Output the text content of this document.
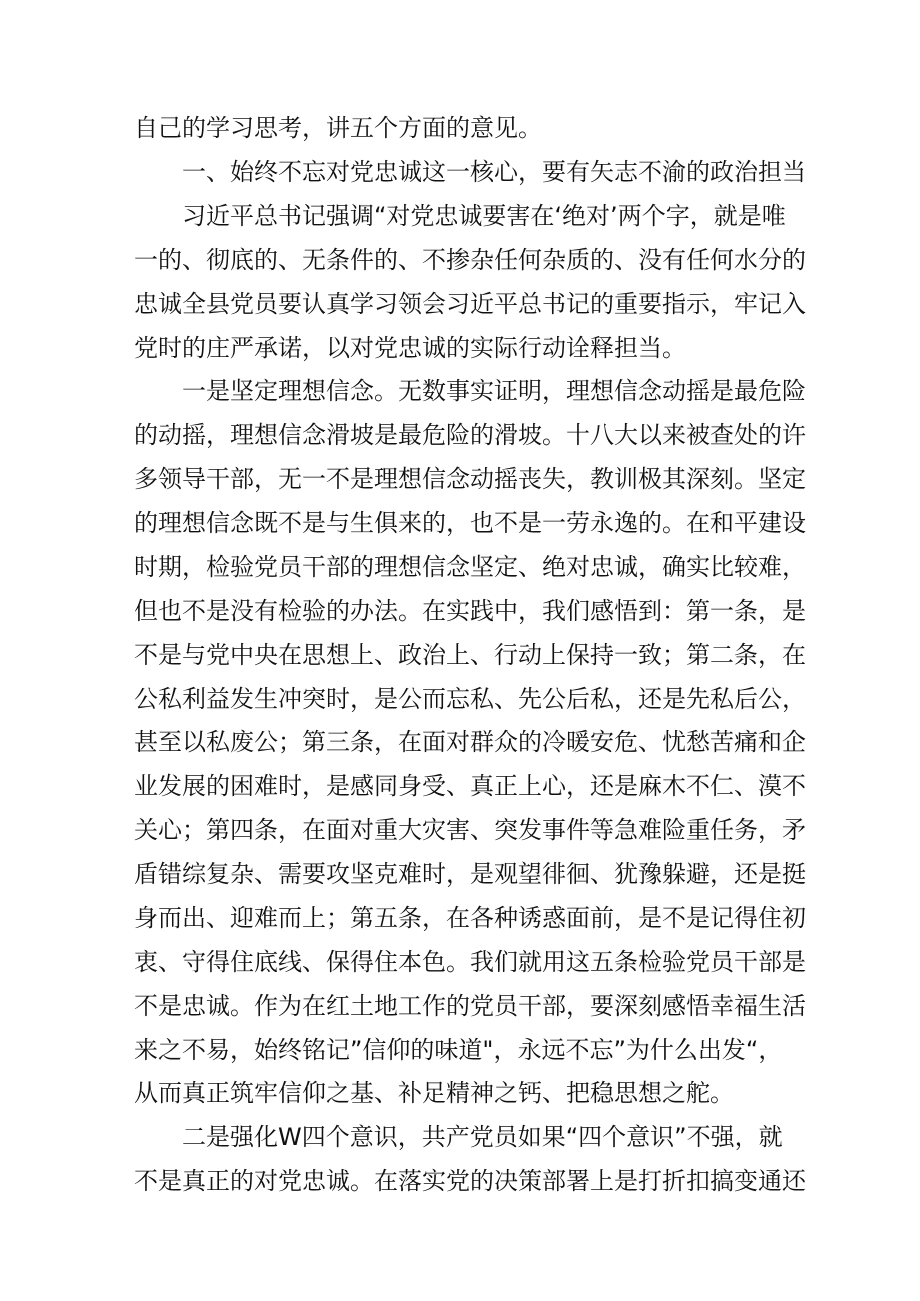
自己的学习思考，讲五个方面的意见。
一、始终不忘对党忠诚这一核心，要有矢志不渝的政治担当
习近平总书记强调“对党忠诚要害在‘绝对’两个字，就是唯
一的、彻底的、无条件的、不掺杂任何杂质的、没有任何水分的
忠诚全县党员要认真学习领会习近平总书记的重要指示，牢记入
党时的庄严承诺，以对党忠诚的实际行动诠释担当。
一是坚定理想信念。无数事实证明，理想信念动摇是最危险
的动摇，理想信念滑坡是最危险的滑坡。十八大以来被查处的许
多领导干部，无一不是理想信念动摇丧失，教训极其深刻。坚定
的理想信念既不是与生俱来的，也不是一劳永逸的。在和平建设
时期，检验党员干部的理想信念坚定、绝对忠诚，确实比较难，
但也不是没有检验的办法。在实践中，我们感悟到：第一条，是
不是与党中央在思想上、政治上、行动上保持一致；第二条，在
公私利益发生冲突时，是公而忘私、先公后私，还是先私后公，
甚至以私废公；第三条，在面对群众的冷暖安危、忧愁苦痛和企
业发展的困难时，是感同身受、真正上心，还是麻木不仁、漠不
关心；第四条，在面对重大灾害、突发事件等急难险重任务，矛
盾错综复杂、需要攻坚克难时，是观望徘徊、犹豫躲避，还是挺
身而出、迎难而上；第五条，在各种诱惑面前，是不是记得住初
衷、守得住底线、保得住本色。我们就用这五条检验党员干部是
不是忠诚。作为在红土地工作的党员干部，要深刻感悟幸福生活
来之不易，始终铭记”信仰的味道"，永远不忘”为什么出发“，
从而真正筑牢信仰之基、补足精神之钙、把稳思想之舵。
二是强化W四个意识，共产党员如果“四个意识”不强，就
不是真正的对党忠诚。在落实党的决策部署上是打折扣搞变通还
